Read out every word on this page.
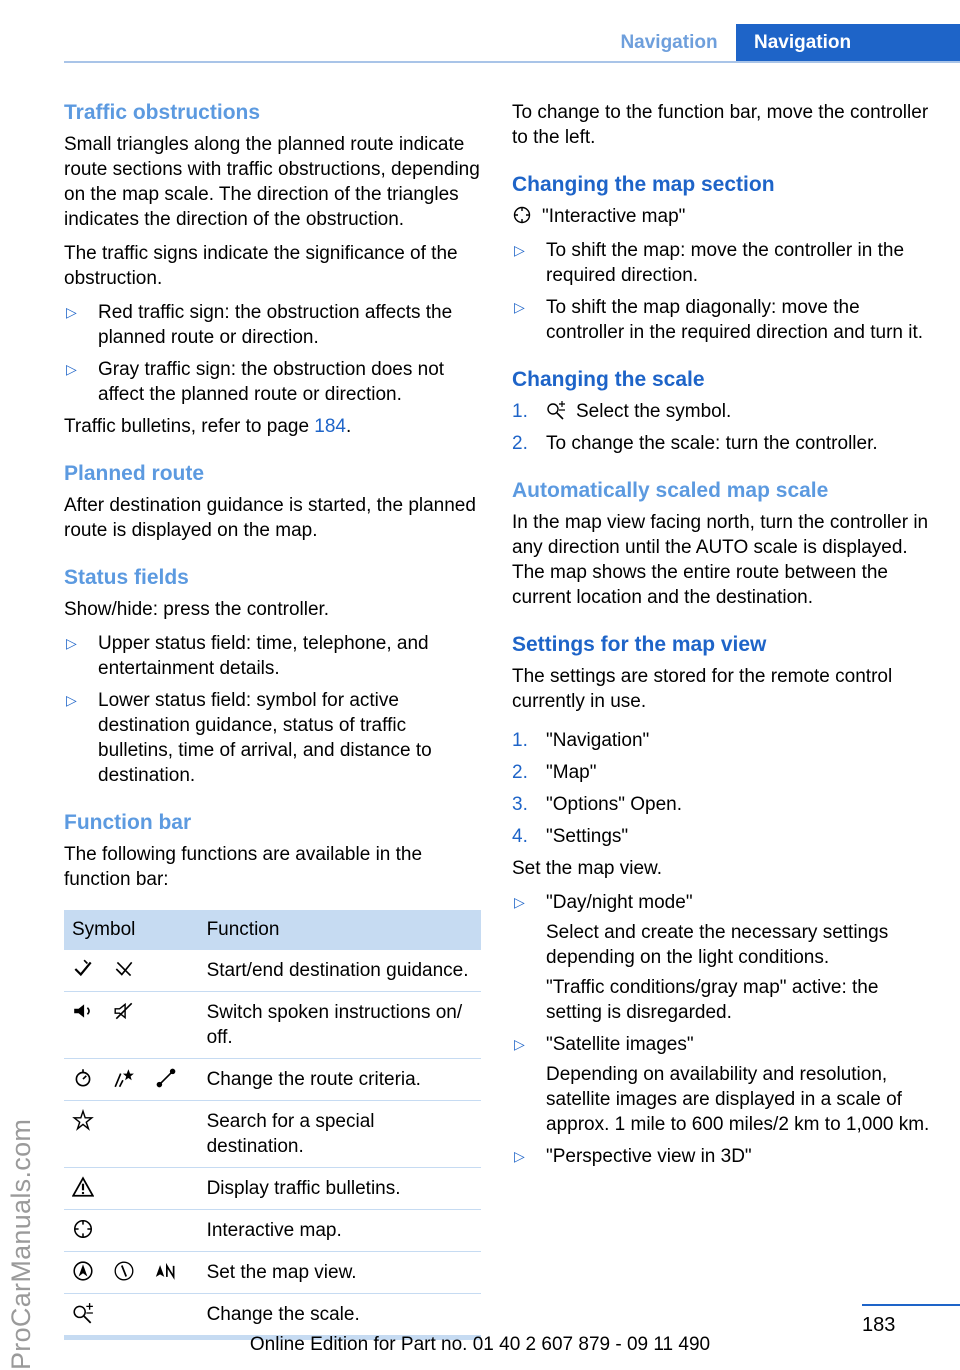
Navigation	Navigation
ProCarManuals.com
Traffic obstructions

Small triangles along the planned route indicate route sections with traffic obstructions, depending on the map scale. The direction of the triangles indicates the direction of the obstruction.

The traffic signs indicate the significance of the obstruction.

▷ Red traffic sign: the obstruction affects the planned route or direction.
▷ Gray traffic sign: the obstruction does not affect the planned route or direction.

Traffic bulletins, refer to page 184.

Planned route

After destination guidance is started, the planned route is displayed on the map.

Status fields

Show/hide: press the controller.

▷ Upper status field: time, telephone, and entertainment details.
▷ Lower status field: symbol for active destination guidance, status of traffic bulletins, time of arrival, and distance to destination.
Function bar

The following functions are available in the function bar:

Symbol	Function
	Start/end destination guidance.
	Switch spoken instructions on/ off.
	Change the route criteria.
	Search for a special destination.
	Display traffic bulletins.
	Interactive map.
	Set the map view.
	Change the scale.

To change to the function bar, move the controller to the left.

Changing the map section

"Interactive map"

▷ To shift the map: move the controller in the required direction.
▷ To shift the map diagonally: move the controller in the required direction and turn it.
Changing the scale
1.	Select the symbol.
2. To change the scale: turn the controller.
Automatically scaled map scale

In the map view facing north, turn the controller in any direction until the AUTO scale is displayed. The map shows the entire route between the current location and the destination.

Settings for the map view

The settings are stored for the remote control currently in use.

1. "Navigation"
2. "Map"
3. "Options" Open.
4. "Settings"

Set the map view.

▷ "Day/night mode"
Select and create the necessary settings depending on the light conditions.
"Traffic conditions/gray map" active: the setting is disregarded.
▷ "Satellite images"
Depending on availability and resolution, satellite images are displayed in a scale of approx. 1 mile to 600 miles/2 km to 1,000 km.
▷ "Perspective view in 3D"
183
Online Edition for Part no. 01 40 2 607 879 - 09 11 490
